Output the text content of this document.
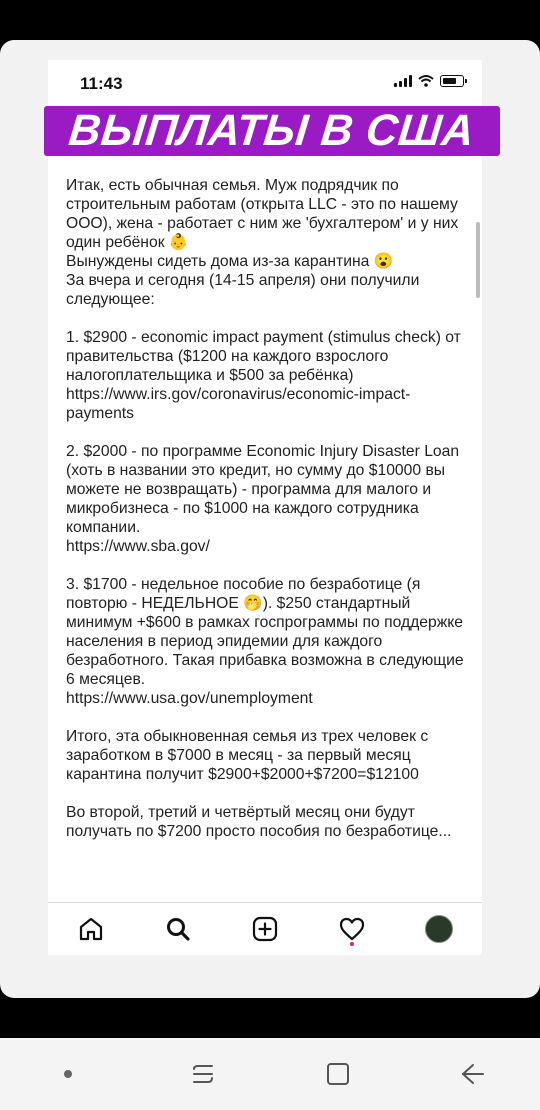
11:43
ВЫПЛАТЫ В США

Итак, есть обычная семья. Муж подрядчик по строительным работам (открыта LLC - это по нашему ООО), жена - работает с ним же 'бухгалтером' и у них один ребёнок 👶
Вынуждены сидеть дома из-за карантина 😮
За вчера и сегодня (14-15 апреля) они получили следующее:

1. $2900 - economic impact payment (stimulus check) от правительства ($1200 на каждого взрослого налогоплательщика и $500 за ребёнка)
https://www.irs.gov/coronavirus/economic-impact-payments

2. $2000 - по программе Economic Injury Disaster Loan (хоть в названии это кредит, но сумму до $10000 вы можете не возвращать) - программа для малого и микробизнеса - по $1000 на каждого сотрудника компании.
https://www.sba.gov/

3. $1700 - недельное пособие по безработице (я повторю - НЕДЕЛЬНОЕ 🤭). $250 стандартный минимум +$600 в рамках госпрограммы по поддержке населения в период эпидемии для каждого безработного. Такая прибавка возможна в следующие 6 месяцев.
https://www.usa.gov/unemployment

Итого, эта обыкновенная семья из трех человек с заработком в $7000 в месяц - за первый месяц карантина получит $2900+$2000+$7200=$12100

Во второй, третий и четвёртый месяц они будут получать по $7200 просто пособия по безработице...
